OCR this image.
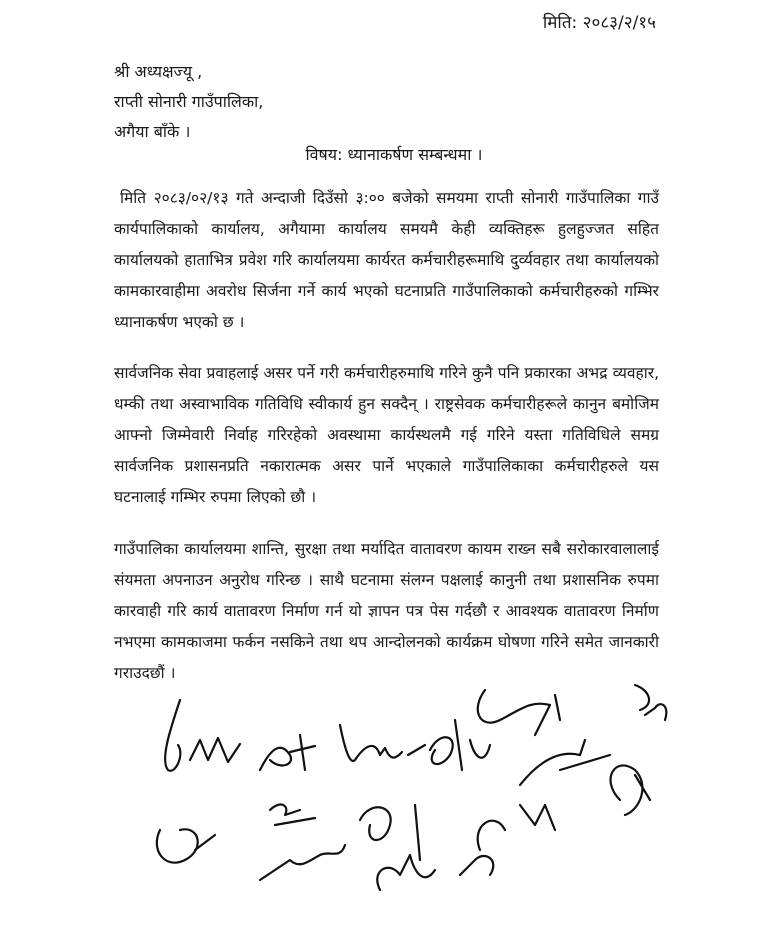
मिति: २०८३/२/१५
श्री अध्यक्षज्यू ,
राप्ती सोनारी गाउँपालिका,
अगैया बाँके ।
विषय: ध्यानाकर्षण सम्बन्धमा ।
मिति २०८३/०२/१३ गते अन्दाजी दिउँसो ३:०० बजेको समयमा राप्ती सोनारी गाउँपालिका गाउँ कार्यपालिकाको कार्यालय, अगैयामा कार्यालय समयमै केही व्यक्तिहरू हुलहुज्जत सहित कार्यालयको हाताभित्र प्रवेश गरि कार्यालयमा कार्यरत कर्मचारीहरूमाथि दुर्व्यवहार तथा कार्यालयको कामकारवाहीमा अवरोध सिर्जना गर्ने कार्य भएको घटनाप्रति गाउँपालिकाको कर्मचारीहरुको गम्भिर ध्यानाकर्षण भएको छ ।
सार्वजनिक सेवा प्रवाहलाई असर पर्ने गरी कर्मचारीहरुमाथि गरिने कुनै पनि प्रकारका अभद्र व्यवहार, धम्की तथा अस्वाभाविक गतिविधि स्वीकार्य हुन सक्दैन् । राष्ट्रसेवक कर्मचारीहरूले कानुन बमोजिम आफ्नो जिम्मेवारी निर्वाह गरिरहेको अवस्थामा कार्यस्थलमै गई गरिने यस्ता गतिविधिले समग्र सार्वजनिक प्रशासनप्रति नकारात्मक असर पार्ने भएकाले गाउँपालिकाका कर्मचारीहरुले यस घटनालाई गम्भिर रुपमा लिएको छौ ।
गाउँपालिका कार्यालयमा शान्ति, सुरक्षा तथा मर्यादित वातावरण कायम राख्न सबै सरोकारवालालाई संयमता अपनाउन अनुरोध गरिन्छ । साथै घटनामा संलग्न पक्षलाई कानुनी तथा प्रशासनिक रुपमा कारवाही गरि कार्य वातावरण निर्माण गर्न यो ज्ञापन पत्र पेस गर्दछौ र आवश्यक वातावरण निर्माण नभएमा कामकाजमा फर्कन नसकिने तथा थप आन्दोलनको कार्यक्रम घोषणा गरिने समेत जानकारी गराउदछौं ।
